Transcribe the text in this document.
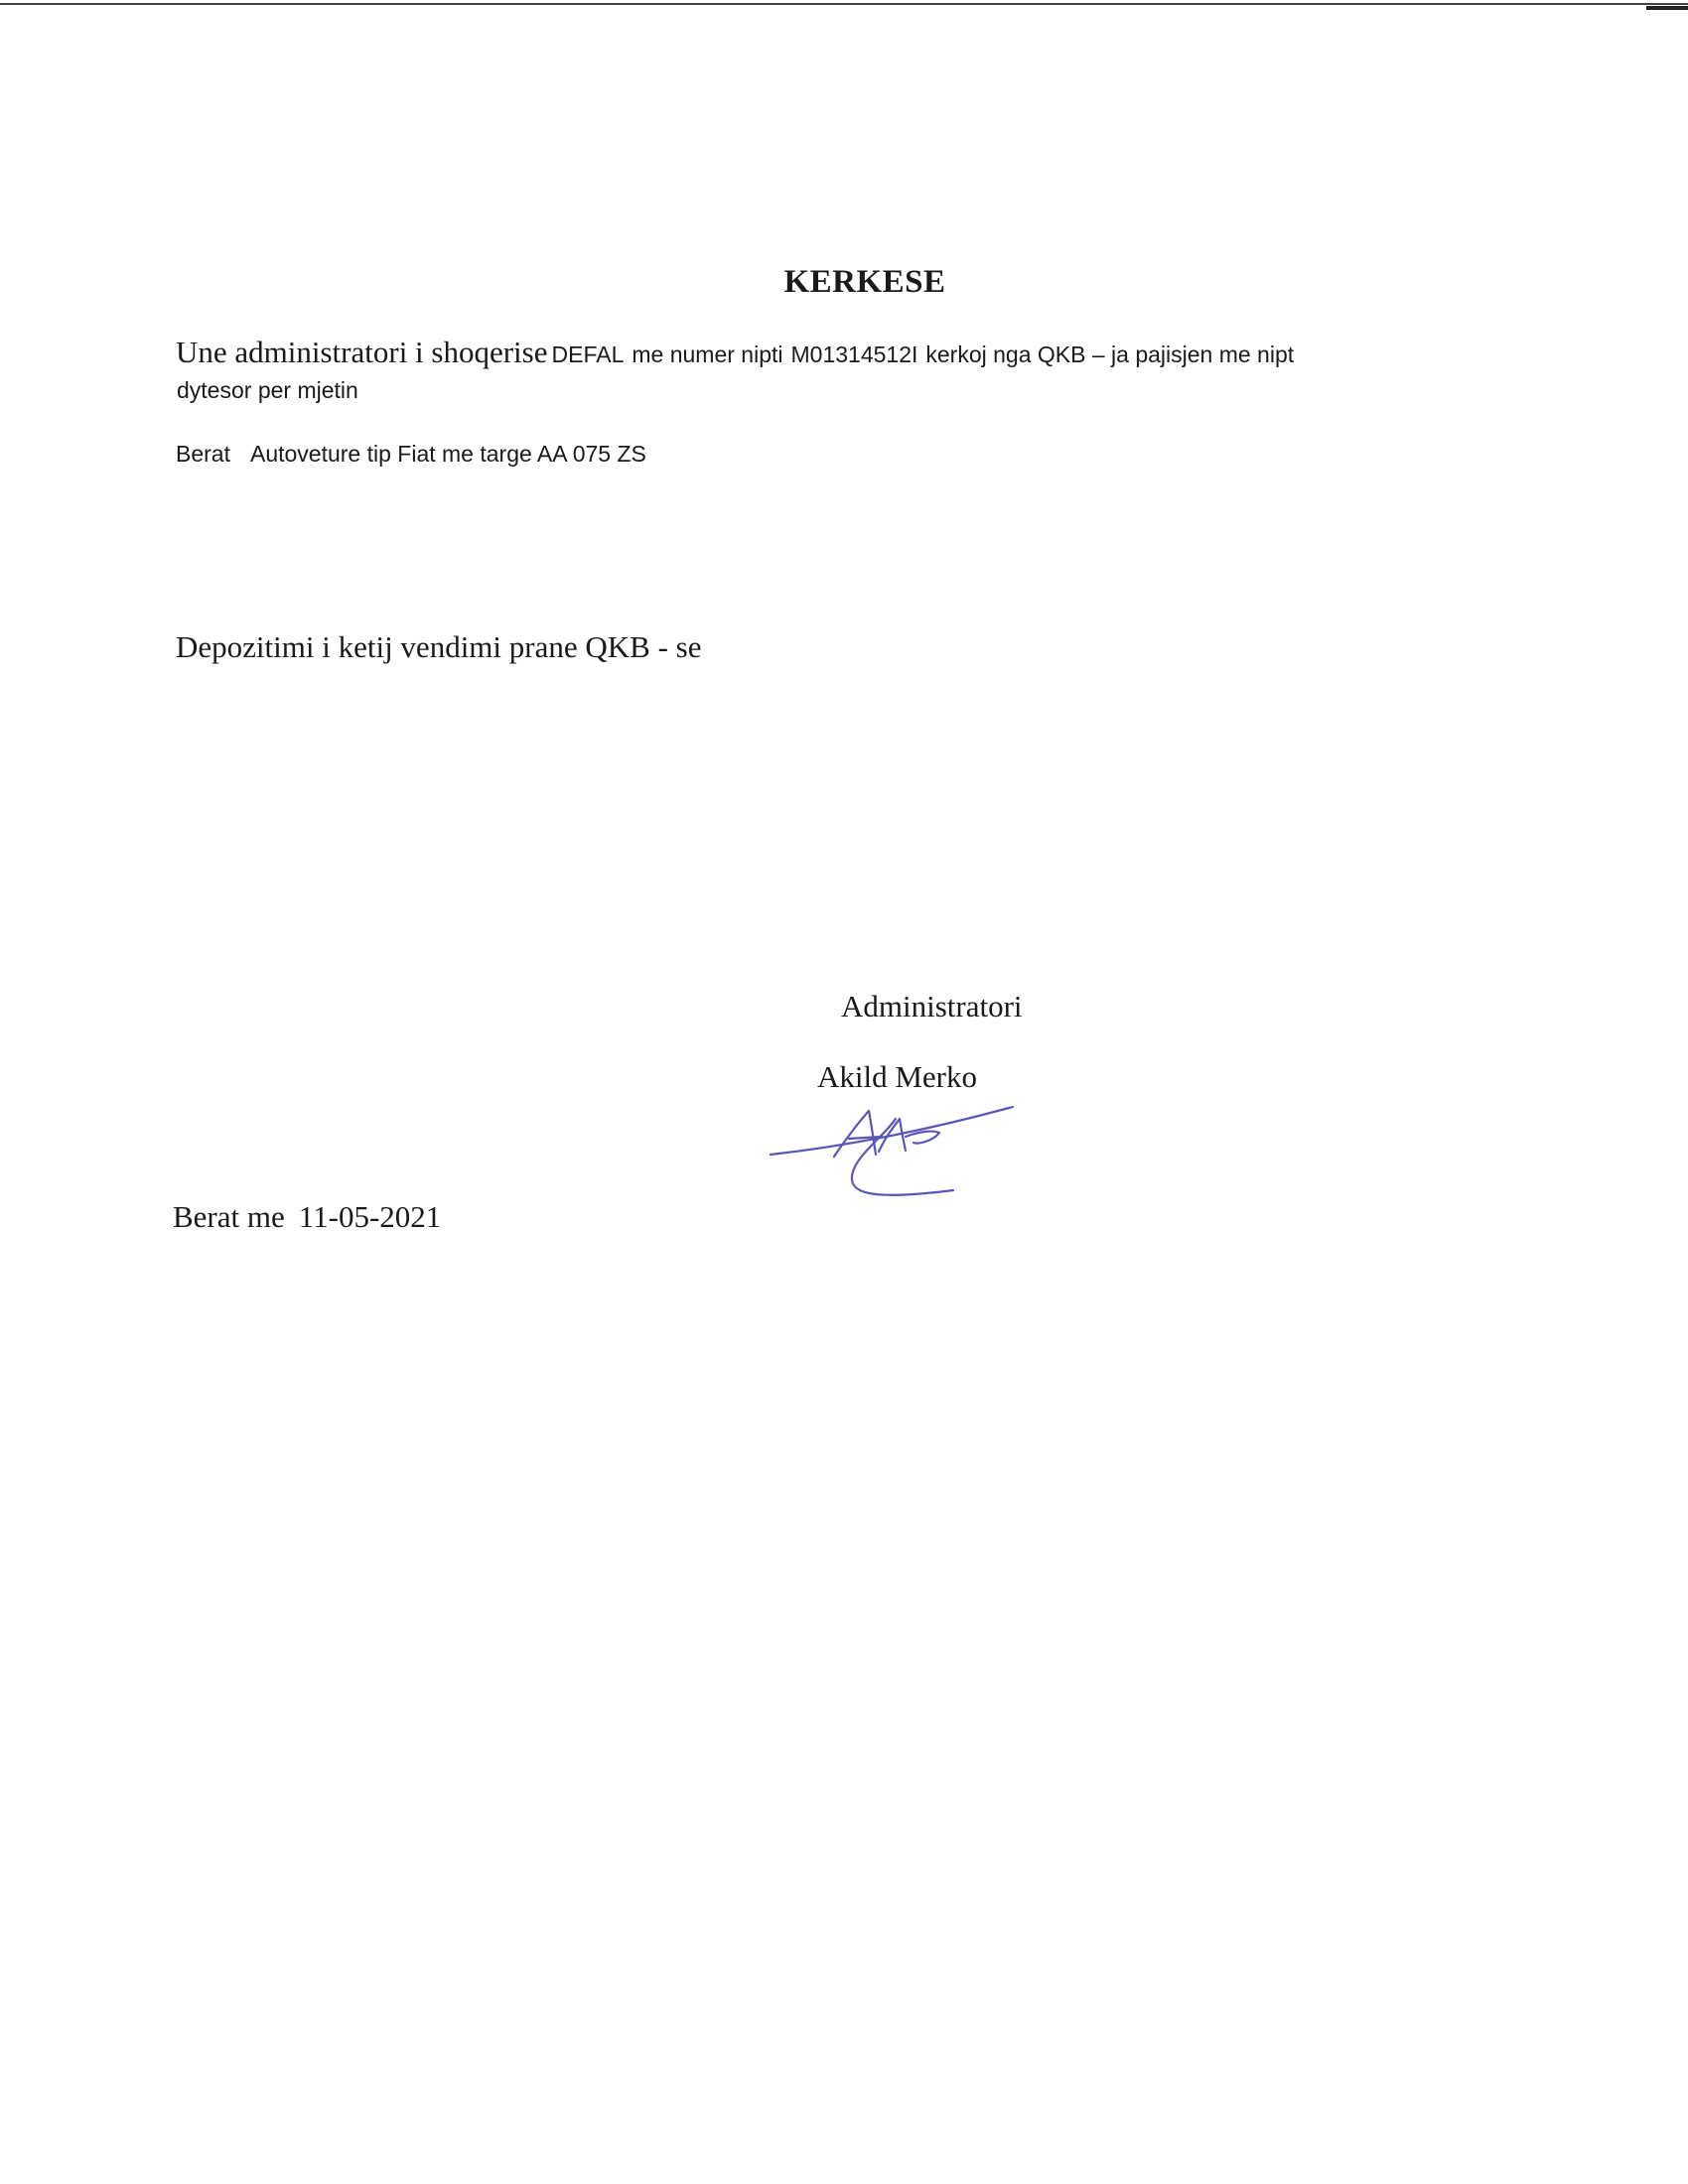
KERKESE
Une administratori i shoqerise DEFAL me numer nipti M01314512I kerkoj nga QKB – ja pajisjen me nipt
dytesor per mjetin
Berat Autoveture tip Fiat me targe AA 075 ZS
Depozitimi i ketij vendimi prane QKB - se
Administratori
Akild Merko
Berat me 11-05-2021
